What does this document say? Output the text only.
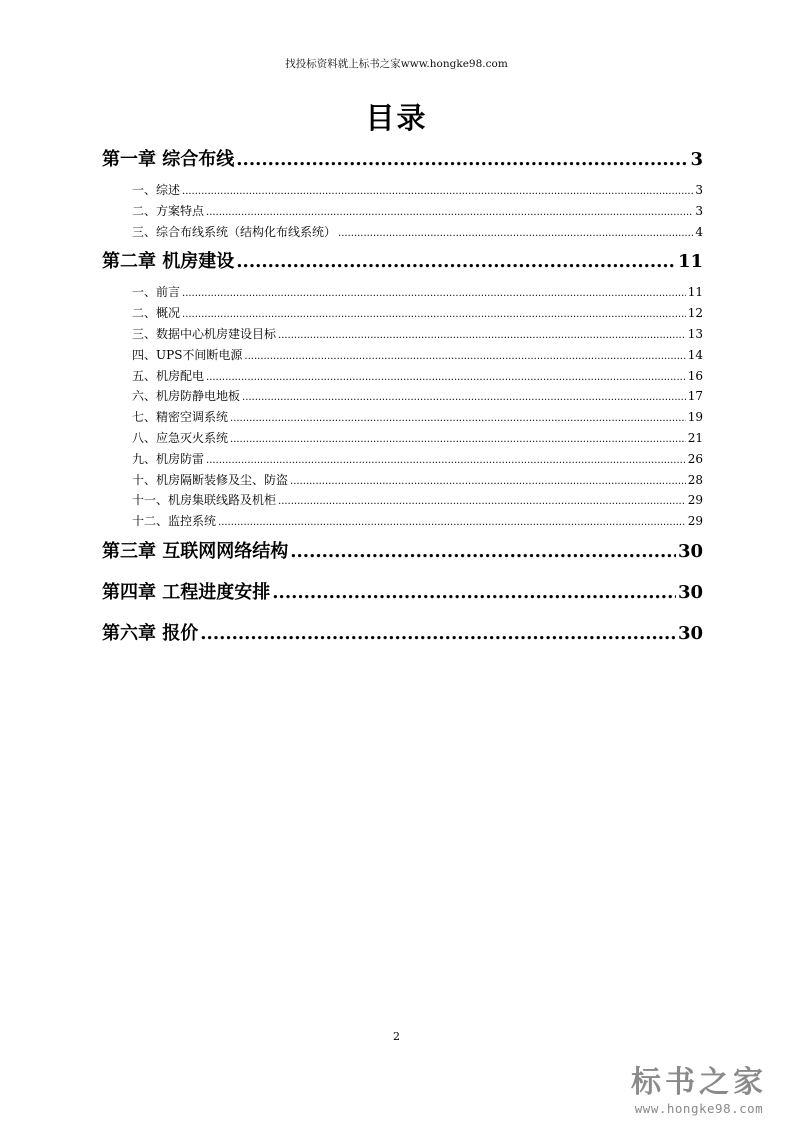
找投标资料就上标书之家www.hongke98.com
目录
第一章 综合布线 .....	3
一、综述 .....	3
二、方案特点 .....	3
三、综合布线系统（结构化布线系统） .....	4
第二章 机房建设 .....	11
一、前言 .....	11
二、概况 .....	12
三、数据中心机房建设目标 .....	13
四、UPS不间断电源 .....	14
五、机房配电 .....	16
六、机房防静电地板 .....	17
七、精密空调系统 .....	19
八、应急灭火系统 .....	21
九、机房防雷 .....	26
十、机房隔断装修及尘、防盗 .....	28
十一、机房集联线路及机柜 .....	29
十二、监控系统 .....	29
第三章 互联网网络结构 .....	30
第四章 工程进度安排 .....	30
第六章 报价 .....	30
2
标书之家
www.hongke98.com
